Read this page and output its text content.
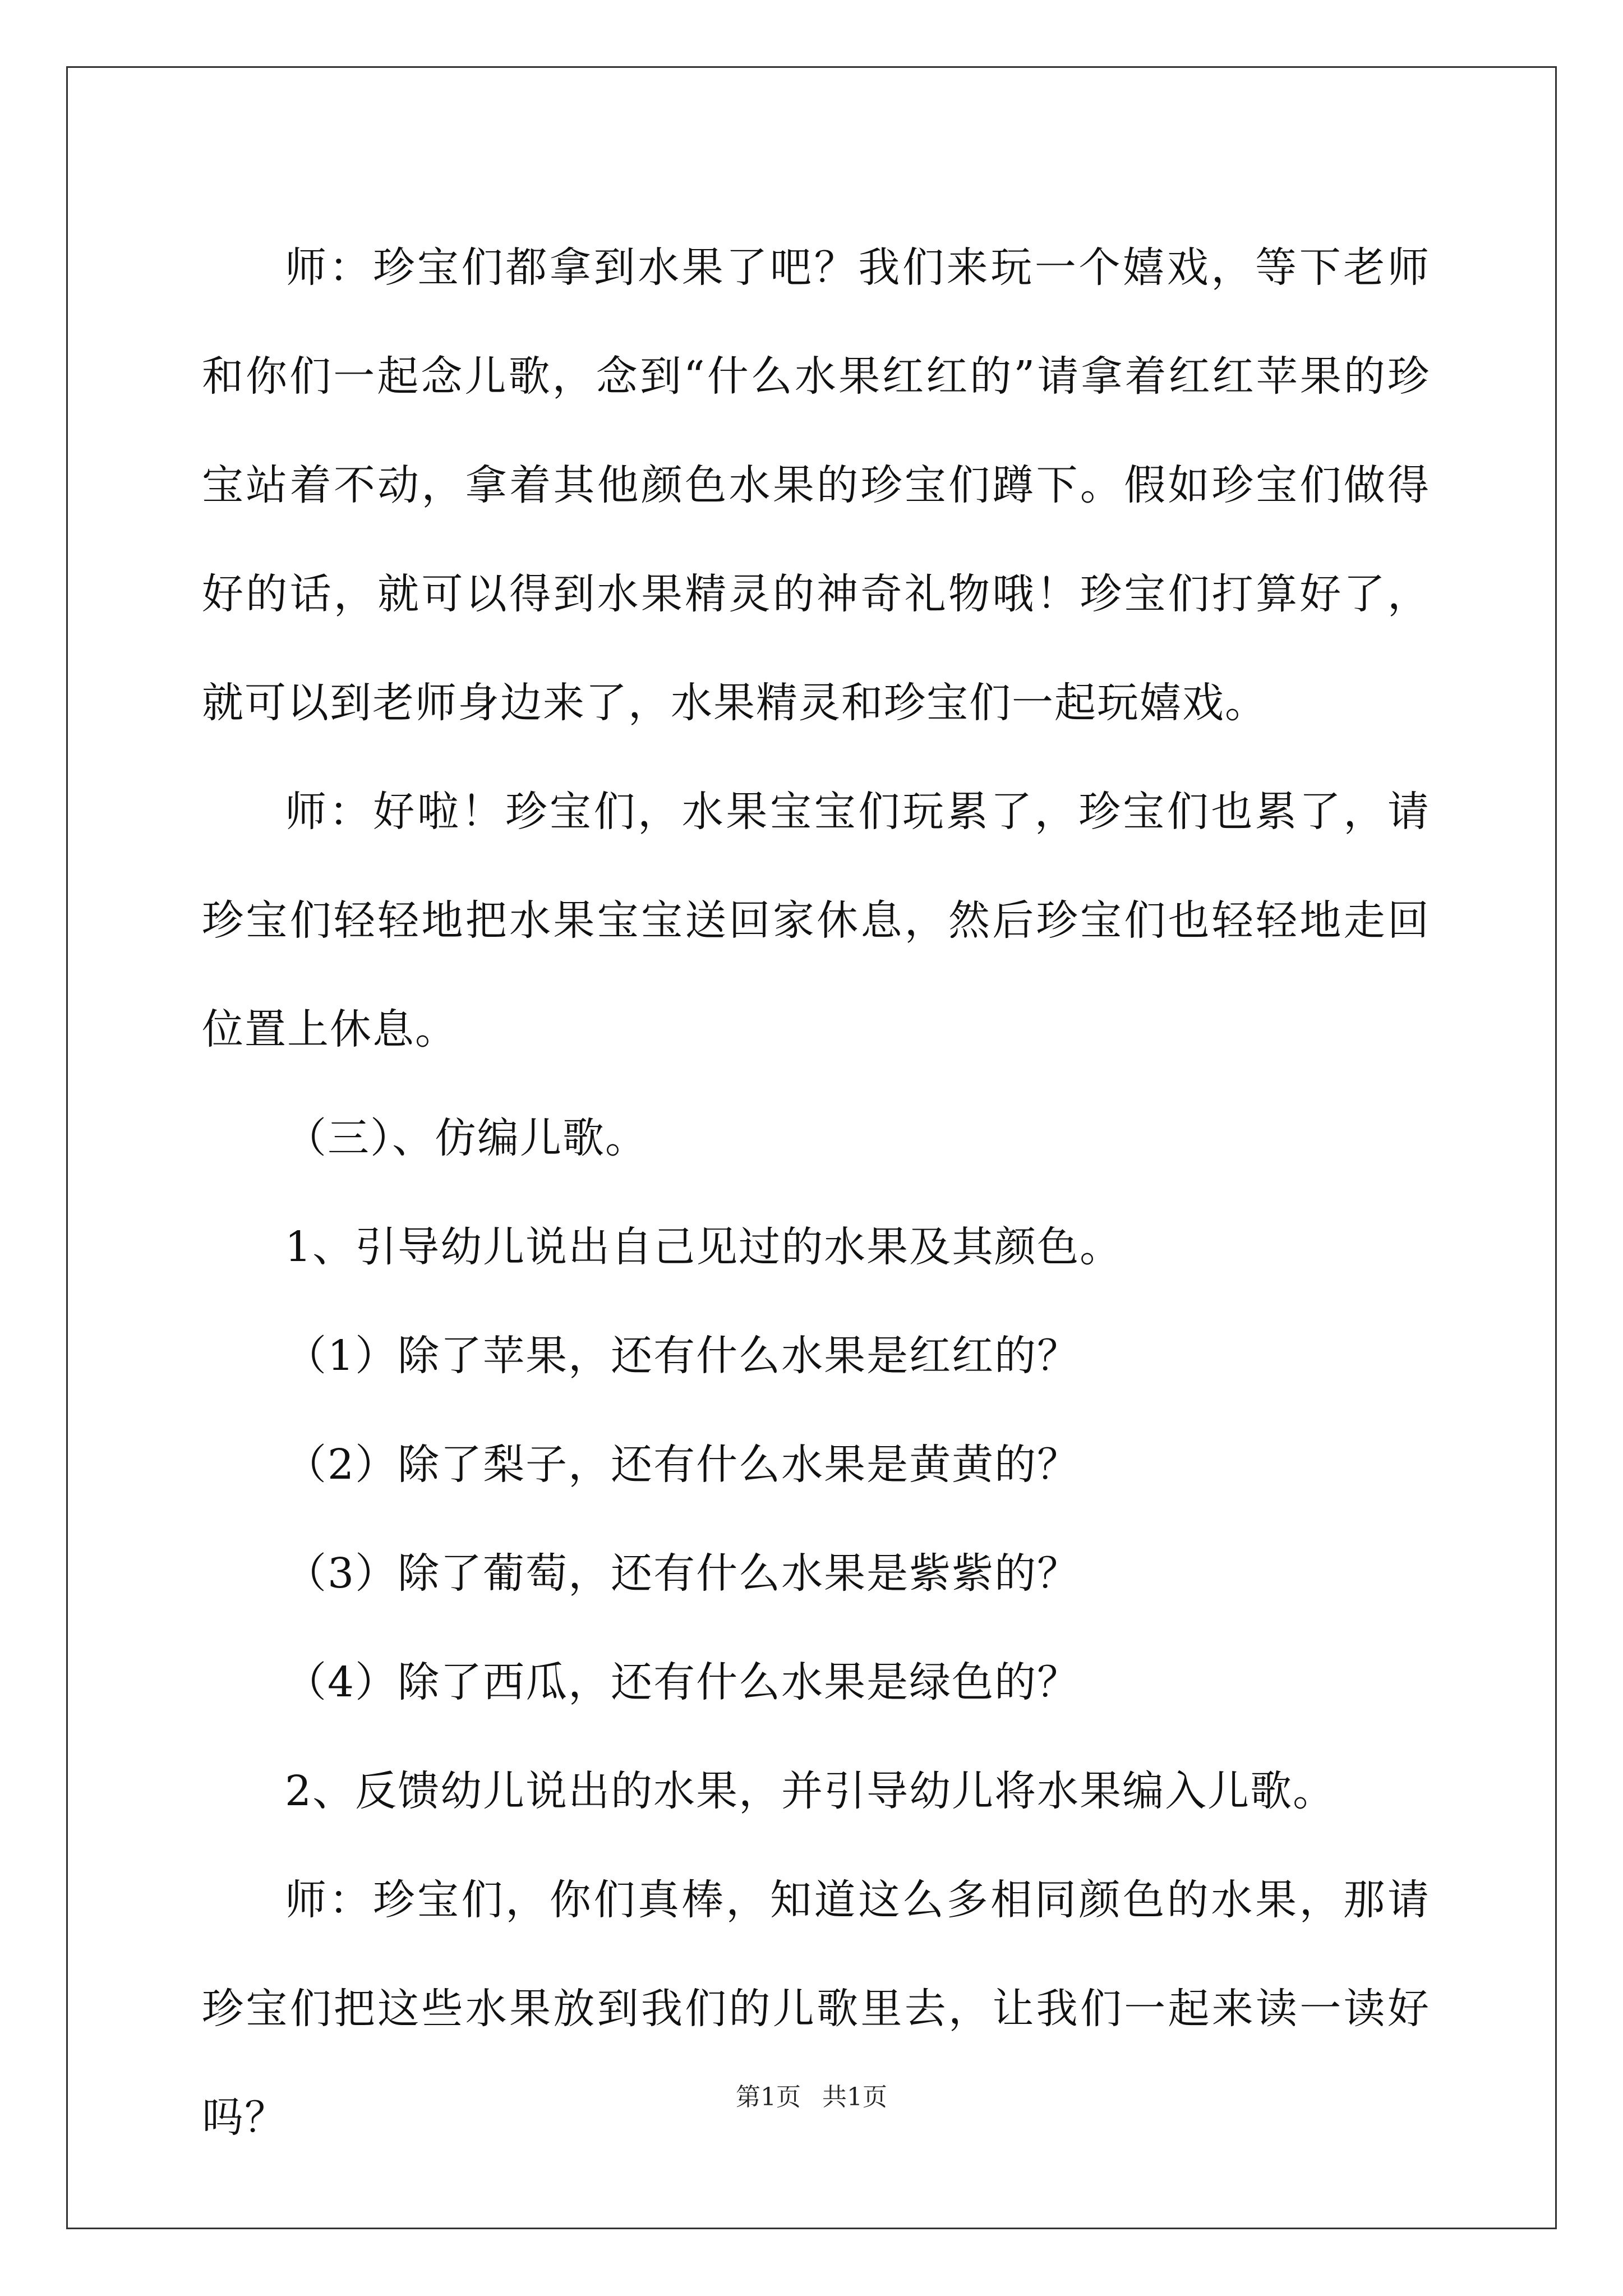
师：珍宝们都拿到水果了吧？我们来玩一个嬉戏，等下老师和你们一起念儿歌，念到“什么水果红红的”请拿着红红苹果的珍宝站着不动，拿着其他颜色水果的珍宝们蹲下。假如珍宝们做得好的话，就可以得到水果精灵的神奇礼物哦！珍宝们打算好了，就可以到老师身边来了，水果精灵和珍宝们一起玩嬉戏。

师：好啦！珍宝们，水果宝宝们玩累了，珍宝们也累了，请珍宝们轻轻地把水果宝宝送回家休息，然后珍宝们也轻轻地走回位置上休息。

（三）、仿编儿歌。

1、引导幼儿说出自己见过的水果及其颜色。

（1）除了苹果，还有什么水果是红红的？

（2）除了梨子，还有什么水果是黄黄的？

（3）除了葡萄，还有什么水果是紫紫的？

（4）除了西瓜，还有什么水果是绿色的？

2、反馈幼儿说出的水果，并引导幼儿将水果编入儿歌。

师：珍宝们，你们真棒，知道这么多相同颜色的水果，那请珍宝们把这些水果放到我们的儿歌里去，让我们一起来读一读好吗？	第1页 共1页
